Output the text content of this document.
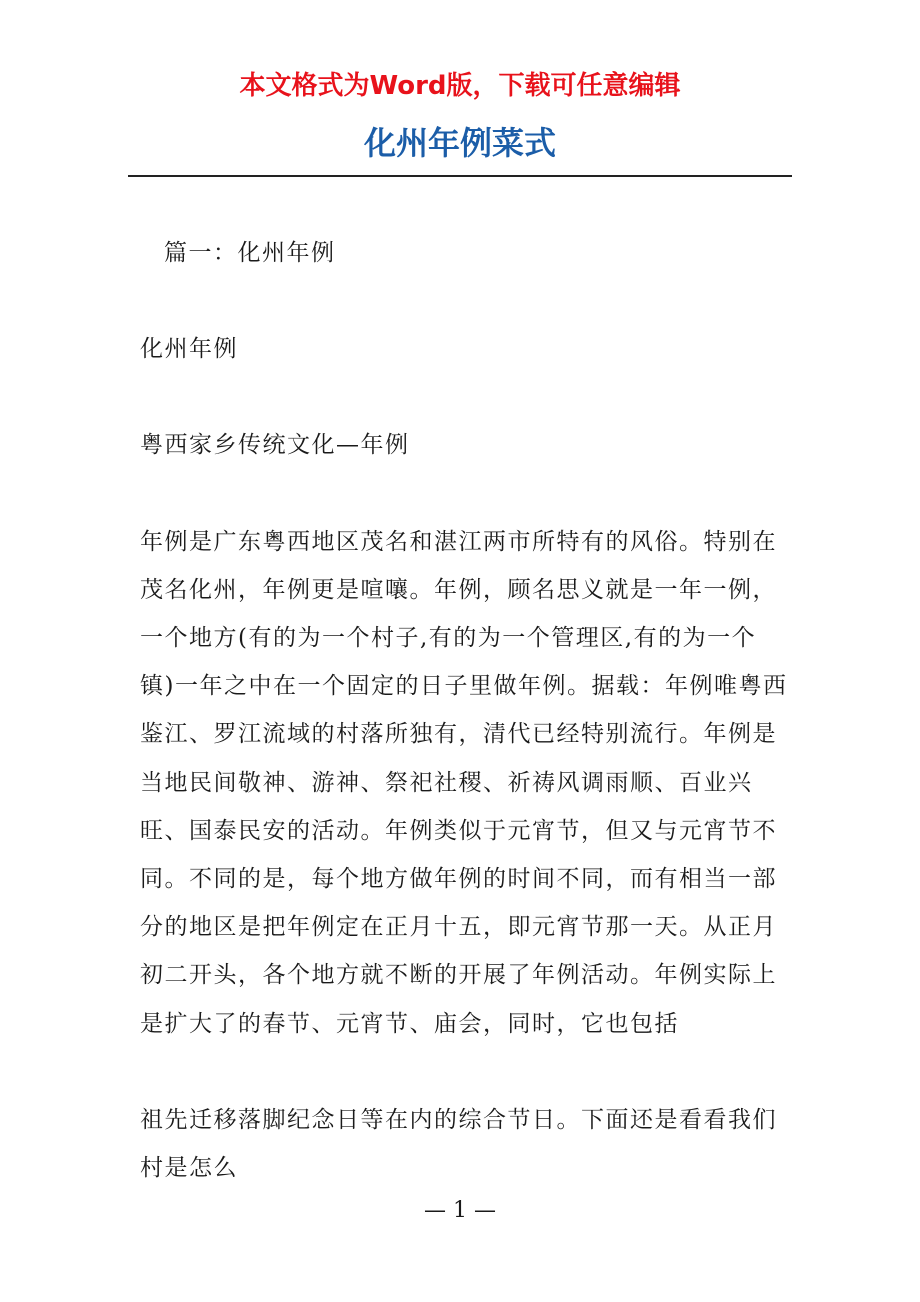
本文格式为Word版，下载可任意编辑
化州年例菜式

篇一：化州年例

化州年例

粤西家乡传统文化—年例

年例是广东粤西地区茂名和湛江两市所特有的风俗。特别在茂名化州，年例更是喧嚷。年例，顾名思义就是一年一例，一个地方(有的为一个村子,有的为一个管理区,有的为一个镇)一年之中在一个固定的日子里做年例。据载：年例唯粤西鉴江、罗江流域的村落所独有，清代已经特别流行。年例是当地民间敬神、游神、祭祀社稷、祈祷风调雨顺、百业兴旺、国泰民安的活动。年例类似于元宵节，但又与元宵节不同。不同的是，每个地方做年例的时间不同，而有相当一部分的地区是把年例定在正月十五，即元宵节那一天。从正月初二开头，各个地方就不断的开展了年例活动。年例实际上是扩大了的春节、元宵节、庙会，同时，它也包括

祖先迁移落脚纪念日等在内的综合节日。下面还是看看我们村是怎么

— 1 —
